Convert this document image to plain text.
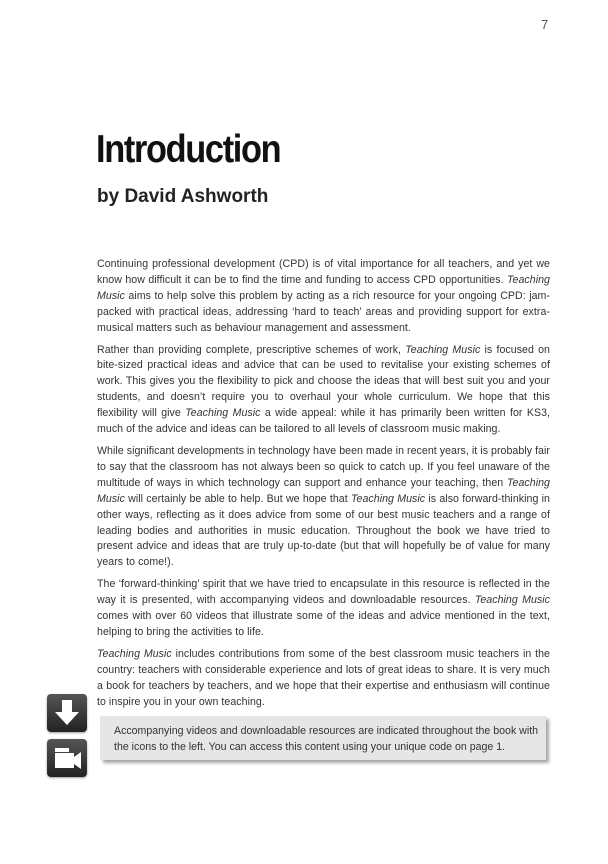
7
Introduction
by David Ashworth

Continuing professional development (CPD) is of vital importance for all teachers, and yet we know how difficult it can be to find the time and funding to access CPD opportunities. Teaching Music aims to help solve this problem by acting as a rich resource for your ongoing CPD: jam-packed with practical ideas, addressing ‘hard to teach’ areas and providing support for extra-musical matters such as behaviour management and assessment.

Rather than providing complete, prescriptive schemes of work, Teaching Music is focused on bite-sized practical ideas and advice that can be used to revitalise your existing schemes of work. This gives you the flexibility to pick and choose the ideas that will best suit you and your students, and doesn’t require you to overhaul your whole curriculum. We hope that this flexibility will give Teaching Music a wide appeal: while it has primarily been written for KS3, much of the advice and ideas can be tailored to all levels of classroom music making.

While significant developments in technology have been made in recent years, it is probably fair to say that the classroom has not always been so quick to catch up. If you feel unaware of the multitude of ways in which technology can support and enhance your teaching, then Teaching Music will certainly be able to help. But we hope that Teaching Music is also forward-thinking in other ways, reflecting as it does advice from some of our best music teachers and a range of leading bodies and authorities in music education. Throughout the book we have tried to present advice and ideas that are truly up-to-date (but that will hopefully be of value for many years to come!).

The ‘forward-thinking’ spirit that we have tried to encapsulate in this resource is reflected in the way it is presented, with accompanying videos and downloadable resources. Teaching Music comes with over 60 videos that illustrate some of the ideas and advice mentioned in the text, helping to bring the activities to life.

Teaching Music includes contributions from some of the best classroom music teachers in the country: teachers with considerable experience and lots of great ideas to share. It is very much a book for teachers by teachers, and we hope that their expertise and enthusiasm will continue to inspire you in your own teaching.

Accompanying videos and downloadable resources are indicated throughout the book with the icons to the left. You can access this content using your unique code on page 1.
